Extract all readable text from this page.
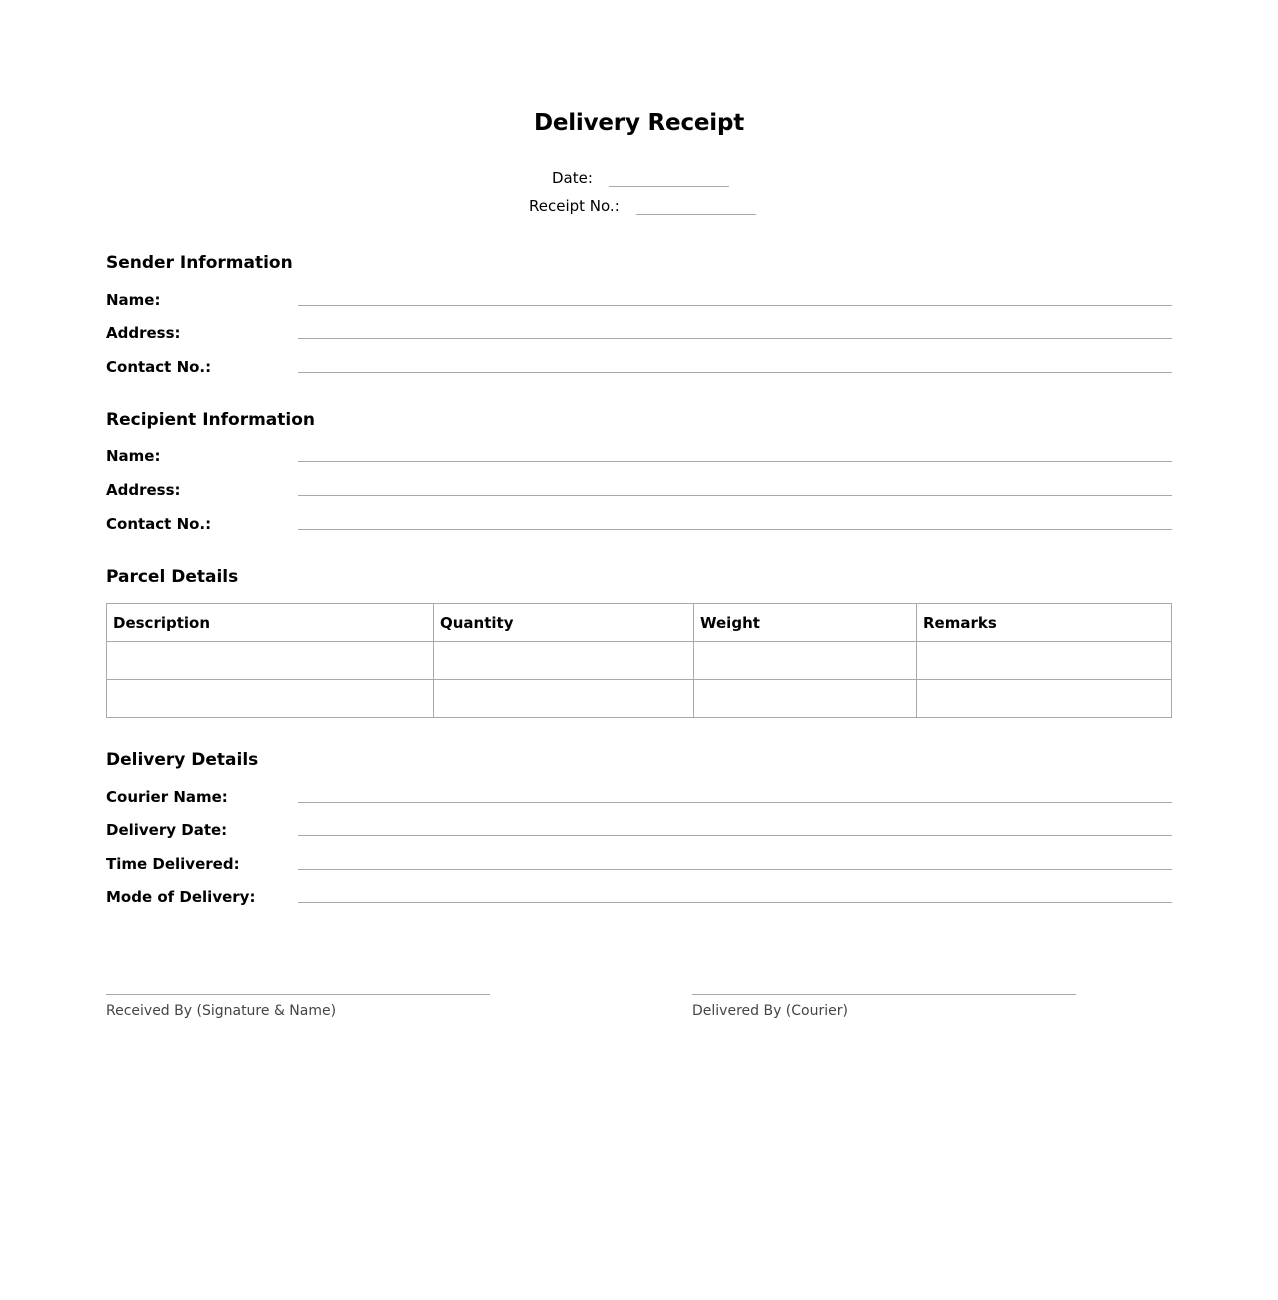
Delivery Receipt
Date:
Receipt No.:
Sender Information
Name:
Address:
Contact No.:
Recipient Information
Name:
Address:
Contact No.:
Parcel Details
Description	Quantity	Weight	Remarks

Delivery Details
Courier Name:
Delivery Date:
Time Delivered:
Mode of Delivery:
Received By (Signature & Name)	Delivered By (Courier)
